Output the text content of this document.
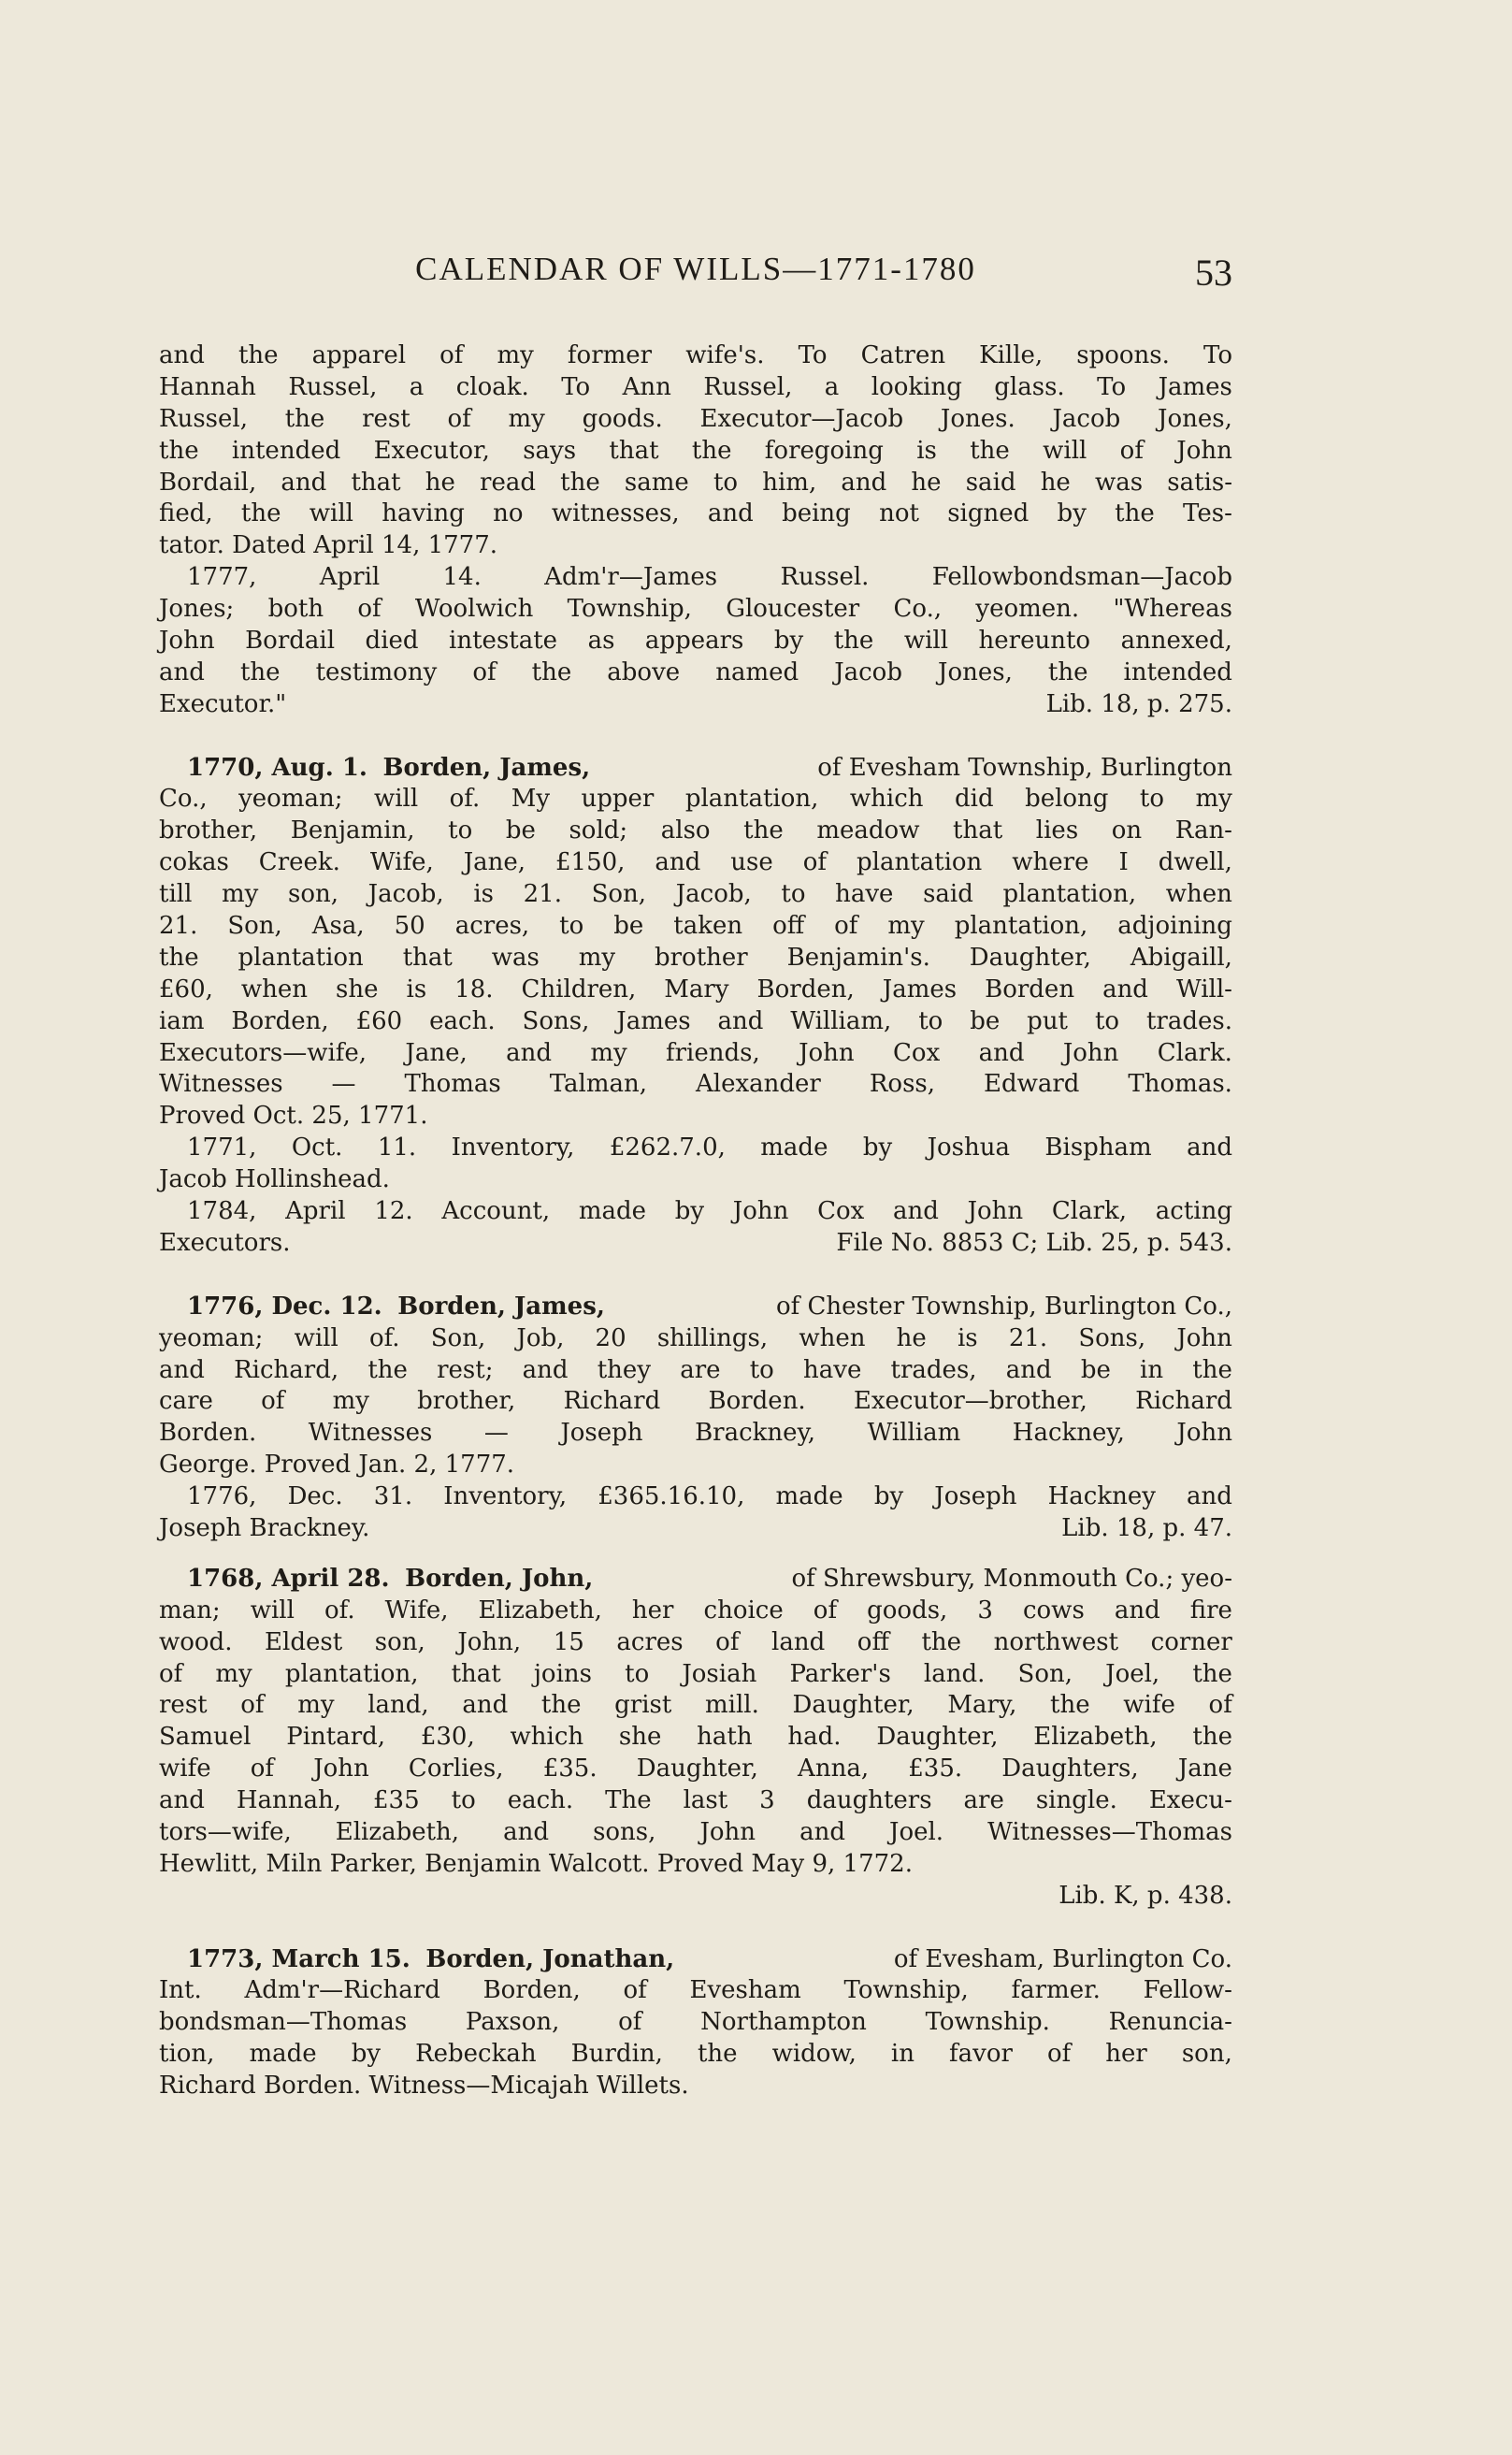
CALENDAR OF WILLS—1771-1780	53
and the apparel of my former wife's. To Catren Kille, spoons. To
Hannah Russel, a cloak. To Ann Russel, a looking glass. To James
Russel, the rest of my goods. Executor—Jacob Jones. Jacob Jones,
the intended Executor, says that the foregoing is the will of John
Bordail, and that he read the same to him, and he said he was satis-
fied, the will having no witnesses, and being not signed by the Tes-
tator. Dated April 14, 1777.
1777,	April	14.	Adm'r—James	Russel.	Fellowbondsman—Jacob
Jones; both of Woolwich Township, Gloucester Co., yeomen. "Whereas
John Bordail died intestate as appears by the will hereunto annexed,
and the testimony of the above named Jacob Jones, the intended
Executor."	Lib. 18, p. 275.
1770, Aug. 1. Borden, James,	of Evesham Township, Burlington
Co., yeoman; will of. My upper plantation, which did belong to my
brother, Benjamin, to be sold; also the meadow that lies on Ran-
cokas Creek. Wife, Jane, £150, and use of plantation where I dwell,
till my son, Jacob, is 21. Son, Jacob, to have said plantation, when
21. Son, Asa, 50 acres, to be taken off of my plantation, adjoining
the plantation that was my brother Benjamin's. Daughter, Abigaill,
£60, when she is 18. Children, Mary Borden, James Borden and Will-
iam Borden, £60 each. Sons, James and William, to be put to trades.
Executors—wife, Jane, and my friends, John Cox and John Clark.
Witnesses — Thomas Talman, Alexander Ross, Edward Thomas.
Proved Oct. 25, 1771.
1771, Oct. 11. Inventory, £262.7.0, made by Joshua Bispham and
Jacob Hollinshead.
1784, April 12. Account, made by John Cox and John Clark, acting
Executors.	File No. 8853 C; Lib. 25, p. 543.
1776, Dec. 12. Borden, James,	of Chester Township, Burlington Co.,
yeoman; will of. Son, Job, 20 shillings, when he is 21. Sons, John
and Richard, the rest; and they are to have trades, and be in the
care of my brother, Richard Borden. Executor—brother, Richard
Borden. Witnesses — Joseph Brackney, William Hackney, John
George. Proved Jan. 2, 1777.
1776, Dec. 31. Inventory, £365.16.10, made by Joseph Hackney and
Joseph Brackney.	Lib. 18, p. 47.
1768, April 28. Borden, John,	of Shrewsbury, Monmouth Co.; yeo-
man; will of. Wife, Elizabeth, her choice of goods, 3 cows and fire
wood. Eldest son, John, 15 acres of land off the northwest corner
of my plantation, that joins to Josiah Parker's land. Son, Joel, the
rest of my land, and the grist mill. Daughter, Mary, the wife of
Samuel Pintard, £30, which she hath had. Daughter, Elizabeth, the
wife of John Corlies, £35. Daughter, Anna, £35. Daughters, Jane
and Hannah, £35 to each. The last 3 daughters are single. Execu-
tors—wife, Elizabeth, and sons, John and Joel. Witnesses—Thomas
Hewlitt, Miln Parker, Benjamin Walcott. Proved May 9, 1772.
Lib. K, p. 438.
1773, March 15. Borden, Jonathan,	of Evesham, Burlington Co.
Int. Adm'r—Richard Borden, of Evesham Township, farmer. Fellow-
bondsman—Thomas Paxson, of Northampton Township. Renuncia-
tion, made by Rebeckah Burdin, the widow, in favor of her son,
Richard Borden. Witness—Micajah Willets.
